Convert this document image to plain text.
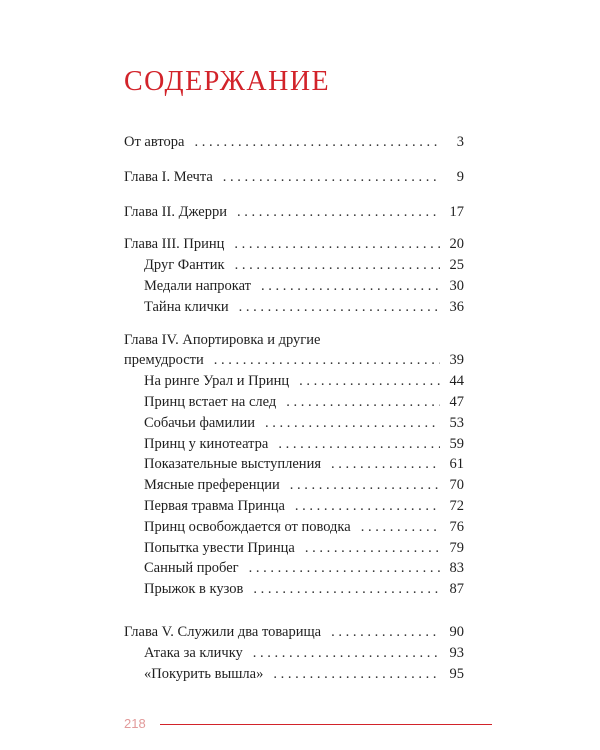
СОДЕРЖАНИЕ
От автора . . .	3
Глава I. Мечта . . .	9
Глава II. Джерри . . .	17
Глава III. Принц . . .	20
Друг Фантик . . .	25
Медали напрокат . . .	30
Тайна клички . . .	36
Глава IV. Апортировка и другие
премудрости . . .	39
На ринге Урал и Принц . . .	44
Принц встает на след . . .	47
Собачьи фамилии . . .	53
Принц у кинотеатра . . .	59
Показательные выступления . . .	61
Мясные преференции . . .	70
Первая травма Принца . . .	72
Принц освобождается от поводка . . .	76
Попытка увести Принца . . .	79
Санный пробег . . .	83
Прыжок в кузов . . .	87
Глава V. Служили два товарища . . .	90
Атака за кличку . . .	93
«Покурить вышла» . . .	95
218
